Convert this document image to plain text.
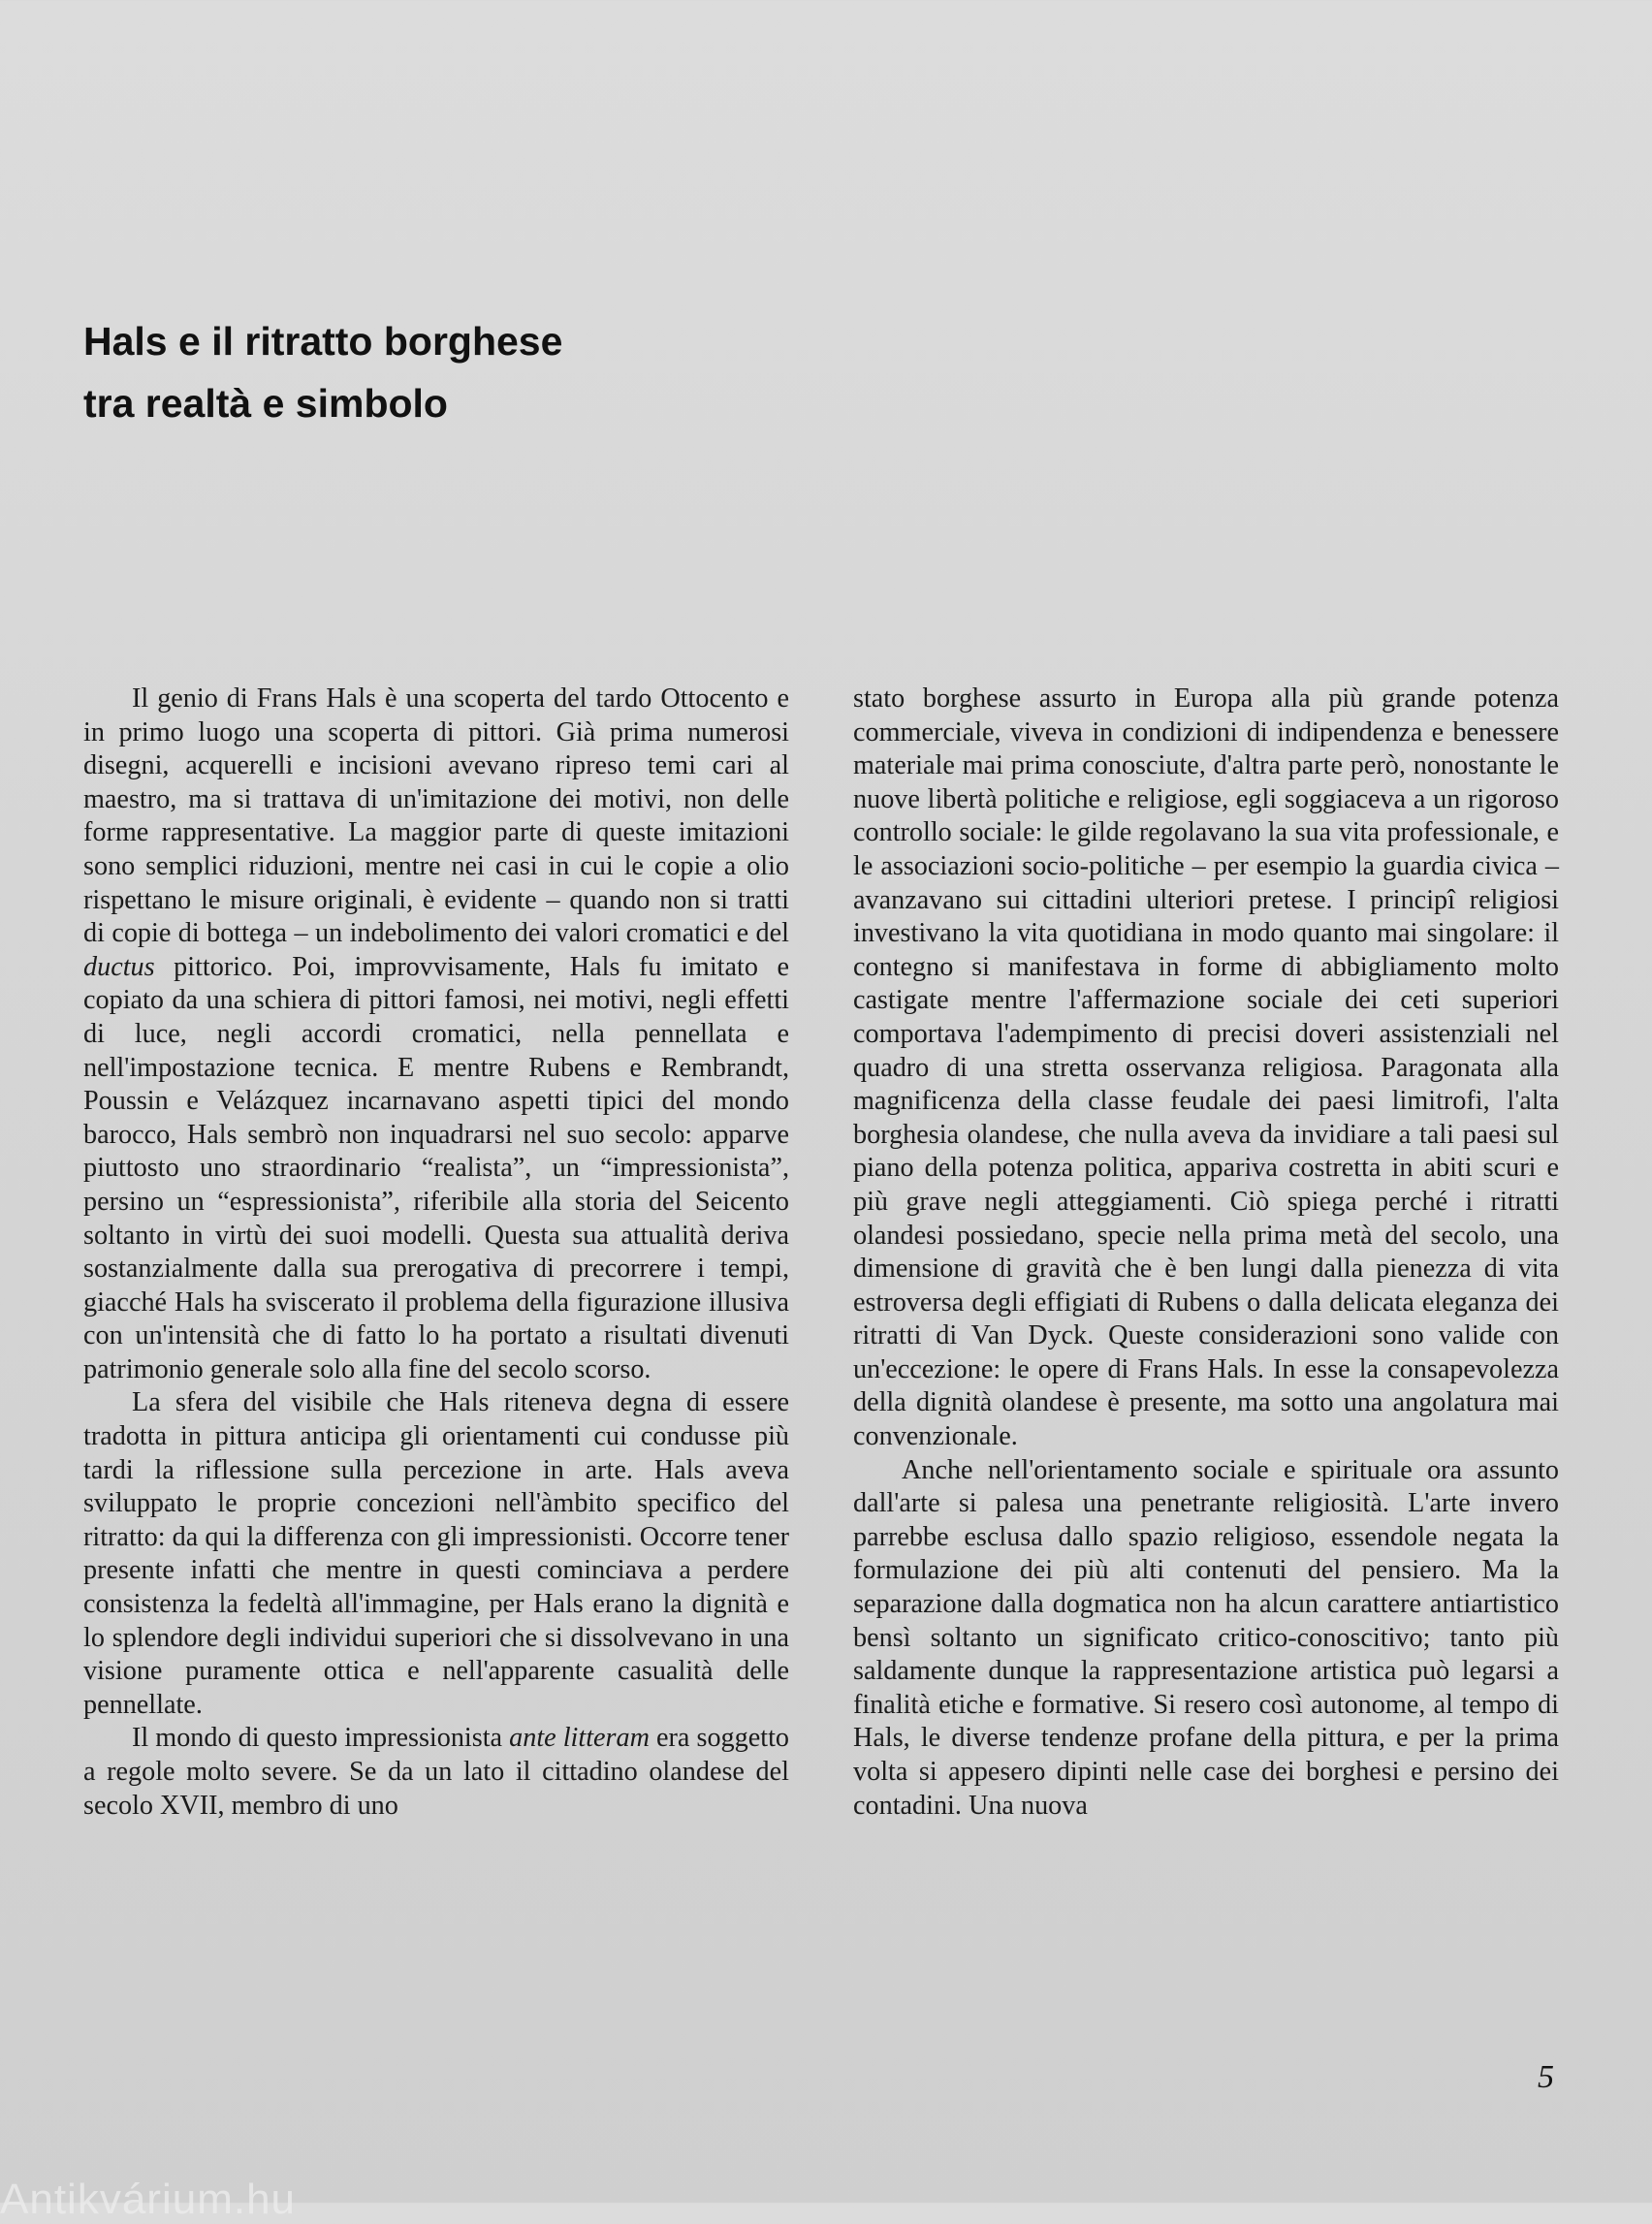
Hals e il ritratto borghese
tra realtà e simbolo

Il genio di Frans Hals è una scoperta del tardo Ottocento e in primo luogo una scoperta di pittori. Già prima numerosi disegni, acquerelli e incisioni avevano ripreso temi cari al maestro, ma si trattava di un'imitazione dei motivi, non delle forme rappresentative. La maggior parte di queste imitazioni sono semplici riduzioni, mentre nei casi in cui le copie a olio rispettano le misure originali, è evidente – quando non si tratti di copie di bottega – un indebolimento dei valori cromatici e del ductus pittorico. Poi, improvvisamente, Hals fu imitato e copiato da una schiera di pittori famosi, nei motivi, negli effetti di luce, negli accordi cromatici, nella pennellata e nell'impostazione tecnica. E mentre Rubens e Rembrandt, Poussin e Velázquez incarnavano aspetti tipici del mondo barocco, Hals sembrò non inquadrarsi nel suo secolo: apparve piuttosto uno straordinario “realista”, un “impressionista”, persino un “espressionista”, riferibile alla storia del Seicento soltanto in virtù dei suoi modelli. Questa sua attualità deriva sostanzialmente dalla sua prerogativa di precorrere i tempi, giacché Hals ha sviscerato il problema della figurazione illusiva con un'intensità che di fatto lo ha portato a risultati divenuti patrimonio generale solo alla fine del secolo scorso.

La sfera del visibile che Hals riteneva degna di essere tradotta in pittura anticipa gli orientamenti cui condusse più tardi la riflessione sulla percezione in arte. Hals aveva sviluppato le proprie concezioni nell'àmbito specifico del ritratto: da qui la differenza con gli impressionisti. Occorre tener presente infatti che mentre in questi cominciava a perdere consistenza la fedeltà all'immagine, per Hals erano la dignità e lo splendore degli individui superiori che si dissolvevano in una visione puramente ottica e nell'apparente casualità delle pennellate.

Il mondo di questo impressionista ante litteram era soggetto a regole molto severe. Se da un lato il cittadino olandese del secolo XVII, membro di uno

stato borghese assurto in Europa alla più grande potenza commerciale, viveva in condizioni di indipendenza e benessere materiale mai prima conosciute, d'altra parte però, nonostante le nuove libertà politiche e religiose, egli soggiaceva a un rigoroso controllo sociale: le gilde regolavano la sua vita professionale, e le associazioni socio-politiche – per esempio la guardia civica – avanzavano sui cittadini ulteriori pretese. I principî religiosi investivano la vita quotidiana in modo quanto mai singolare: il contegno si manifestava in forme di abbigliamento molto castigate mentre l'affermazione sociale dei ceti superiori comportava l'adempimento di precisi doveri assistenziali nel quadro di una stretta osservanza religiosa. Paragonata alla magnificenza della classe feudale dei paesi limitrofi, l'alta borghesia olandese, che nulla aveva da invidiare a tali paesi sul piano della potenza politica, appariva costretta in abiti scuri e più grave negli atteggiamenti. Ciò spiega perché i ritratti olandesi possiedano, specie nella prima metà del secolo, una dimensione di gravità che è ben lungi dalla pienezza di vita estroversa degli effigiati di Rubens o dalla delicata eleganza dei ritratti di Van Dyck. Queste considerazioni sono valide con un'eccezione: le opere di Frans Hals. In esse la consapevolezza della dignità olandese è presente, ma sotto una angolatura mai convenzionale.

Anche nell'orientamento sociale e spirituale ora assunto dall'arte si palesa una penetrante religiosità. L'arte invero parrebbe esclusa dallo spazio religioso, essendole negata la formulazione dei più alti contenuti del pensiero. Ma la separazione dalla dogmatica non ha alcun carattere antiartistico bensì soltanto un significato critico-conoscitivo; tanto più saldamente dunque la rappresentazione artistica può legarsi a finalità etiche e formative. Si resero così autonome, al tempo di Hals, le diverse tendenze profane della pittura, e per la prima volta si appesero dipinti nelle case dei borghesi e persino dei contadini. Una nuova

5
Antikvárium.hu
